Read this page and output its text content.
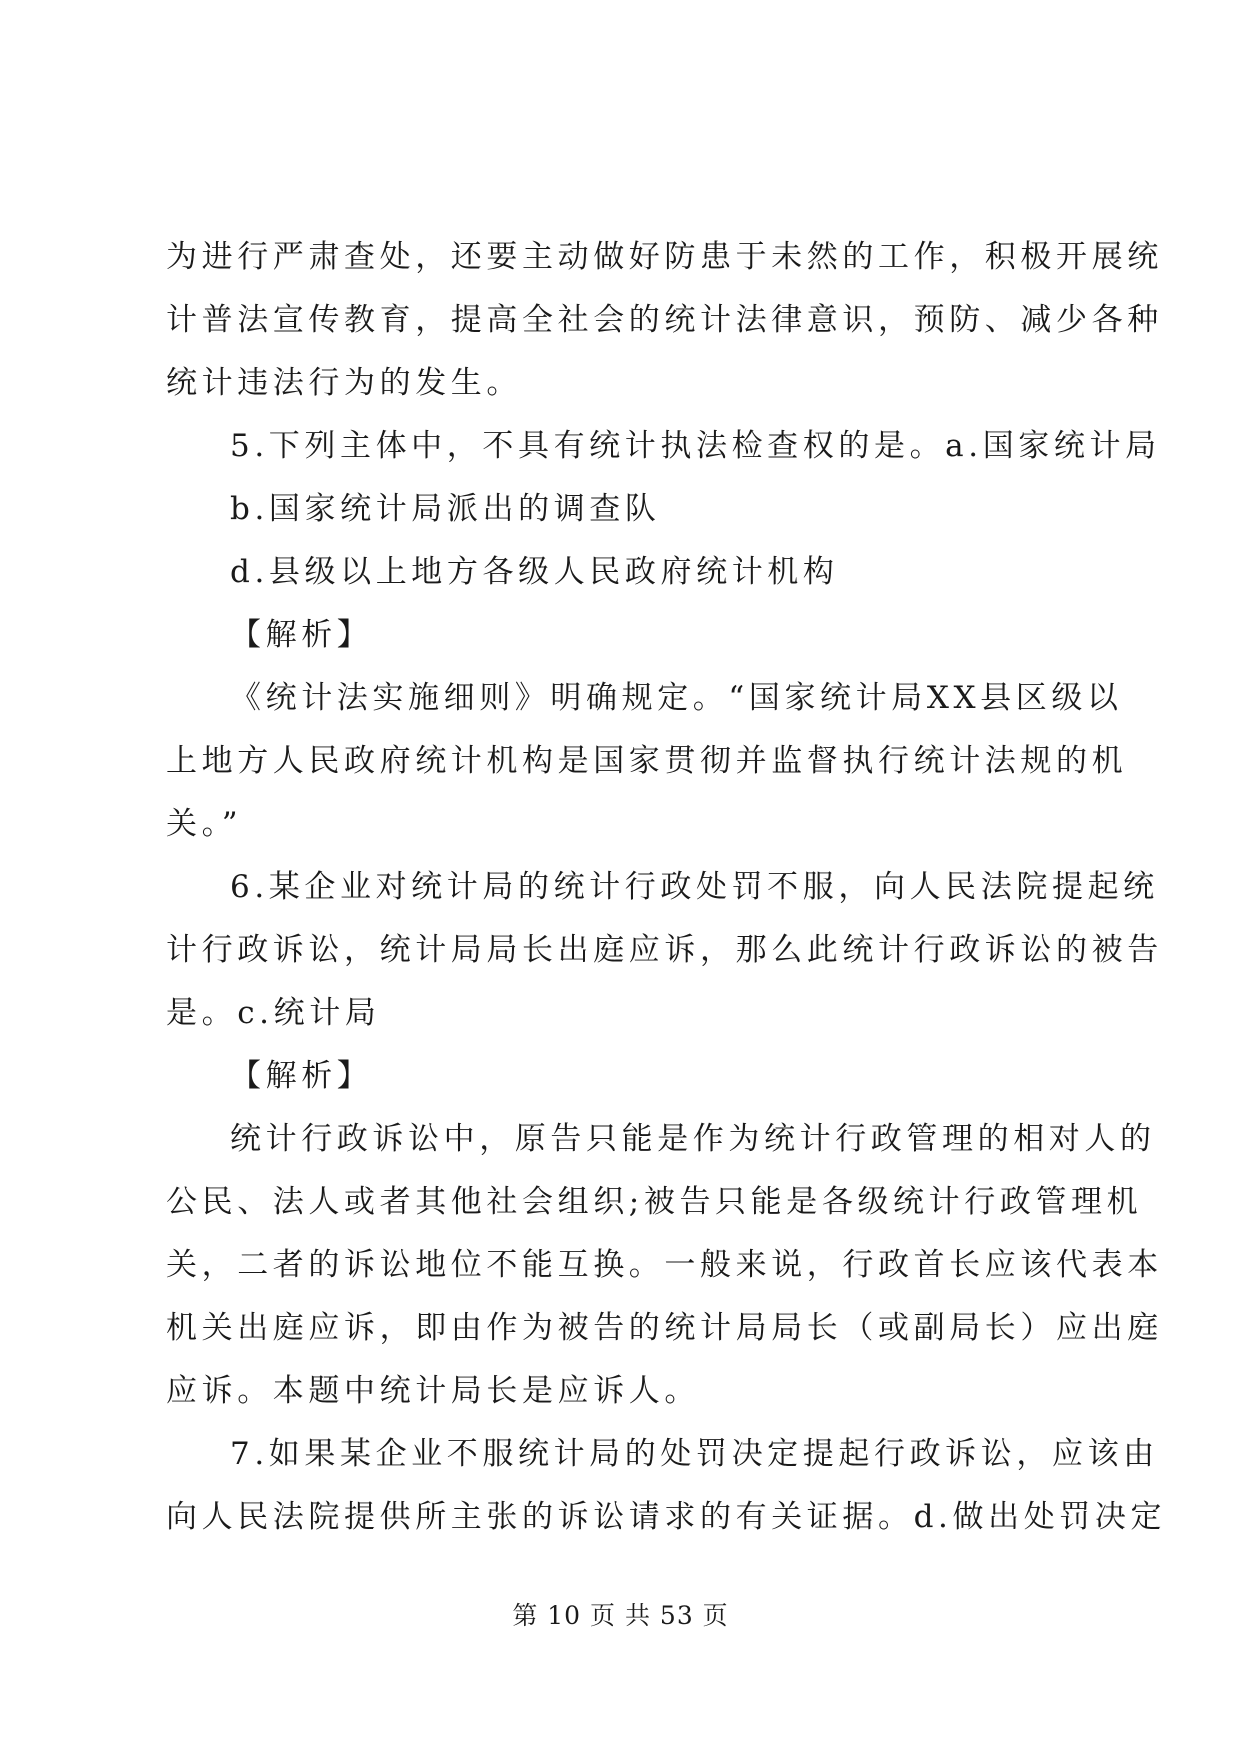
为进行严肃查处，还要主动做好防患于未然的工作，积极开展统
计普法宣传教育，提高全社会的统计法律意识，预防、减少各种
统计违法行为的发生。
5.下列主体中，不具有统计执法检查权的是。a.国家统计局
b.国家统计局派出的调查队
d.县级以上地方各级人民政府统计机构
【解析】
《统计法实施细则》明确规定。“国家统计局XX县区级以
上地方人民政府统计机构是国家贯彻并监督执行统计法规的机
关。”
6.某企业对统计局的统计行政处罚不服，向人民法院提起统
计行政诉讼，统计局局长出庭应诉，那么此统计行政诉讼的被告
是。c.统计局
【解析】
统计行政诉讼中，原告只能是作为统计行政管理的相对人的
公民、法人或者其他社会组织;被告只能是各级统计行政管理机
关，二者的诉讼地位不能互换。一般来说，行政首长应该代表本
机关出庭应诉，即由作为被告的统计局局长（或副局长）应出庭
应诉。本题中统计局长是应诉人。
7.如果某企业不服统计局的处罚决定提起行政诉讼，应该由
向人民法院提供所主张的诉讼请求的有关证据。d.做出处罚决定
第 10 页 共 53 页
